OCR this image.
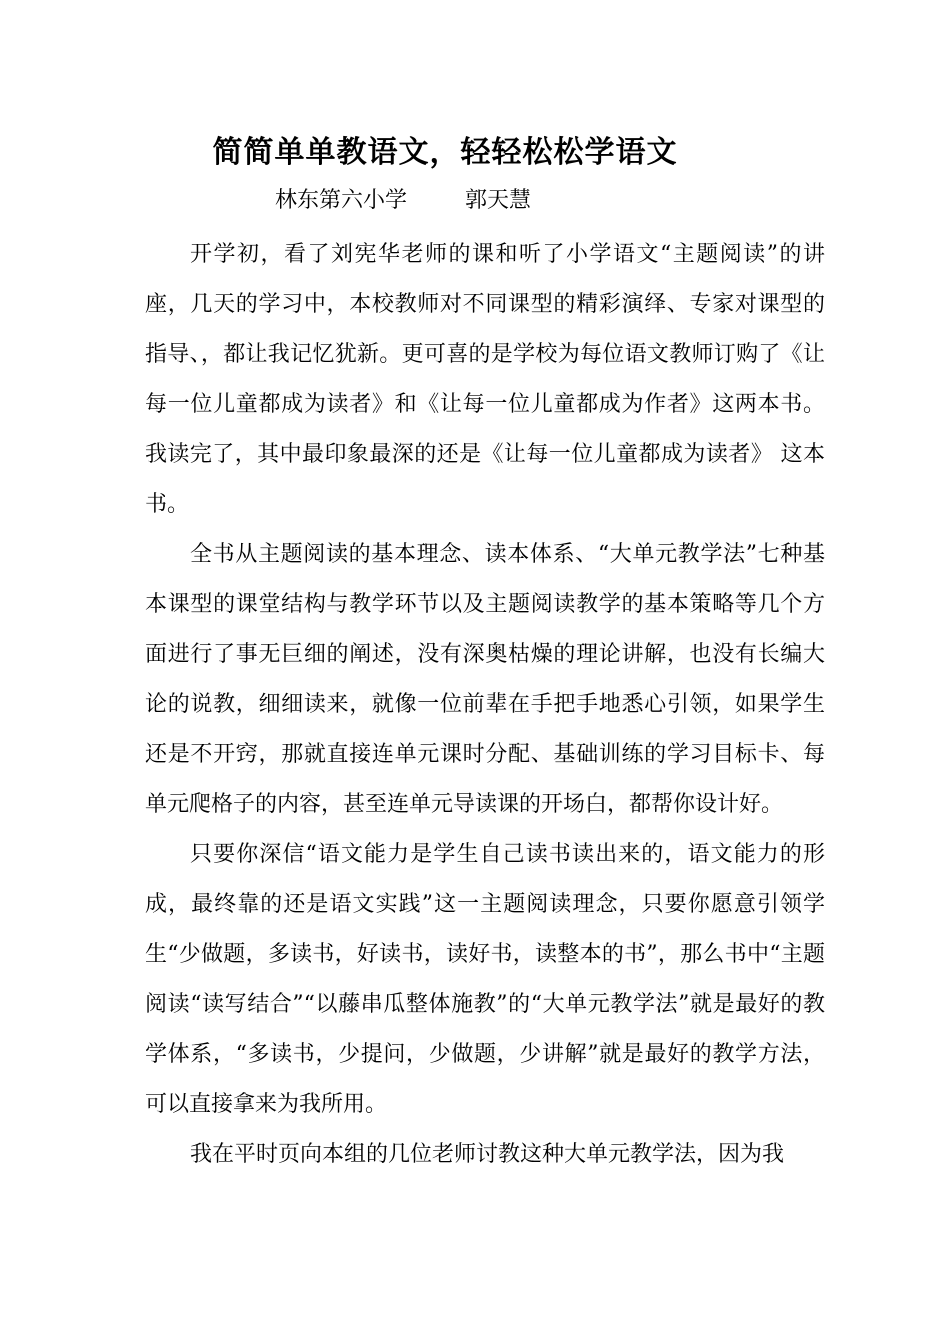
简简单单教语文，轻轻松松学语文
林东第六小学	郭天慧

开学初，看了刘宪华老师的课和听了小学语文“主题阅读”的讲座，几天的学习中，本校教师对不同课型的精彩演绎、专家对课型的指导、，都让我记忆犹新。更可喜的是学校为每位语文教师订购了《让每一位儿童都成为读者》和《让每一位儿童都成为作者》这两本书。我读完了，其中最印象最深的还是《让每一位儿童都成为读者》 这本书。

全书从主题阅读的基本理念、读本体系、“大单元教学法”七种基本课型的课堂结构与教学环节以及主题阅读教学的基本策略等几个方面进行了事无巨细的阐述，没有深奥枯燥的理论讲解，也没有长编大论的说教，细细读来，就像一位前辈在手把手地悉心引领，如果学生还是不开窍，那就直接连单元课时分配、基础训练的学习目标卡、每单元爬格子的内容，甚至连单元导读课的开场白，都帮你设计好。

只要你深信“语文能力是学生自己读书读出来的，语文能力的形成，最终靠的还是语文实践”这一主题阅读理念，只要你愿意引领学生“少做题，多读书，好读书，读好书，读整本的书”，那么书中“主题阅读“读写结合”“以藤串瓜整体施教”的“大单元教学法”就是最好的教学体系，“多读书，少提问，少做题，少讲解”就是最好的教学方法，可以直接拿来为我所用。

我在平时页向本组的几位老师讨教这种大单元教学法，因为我
